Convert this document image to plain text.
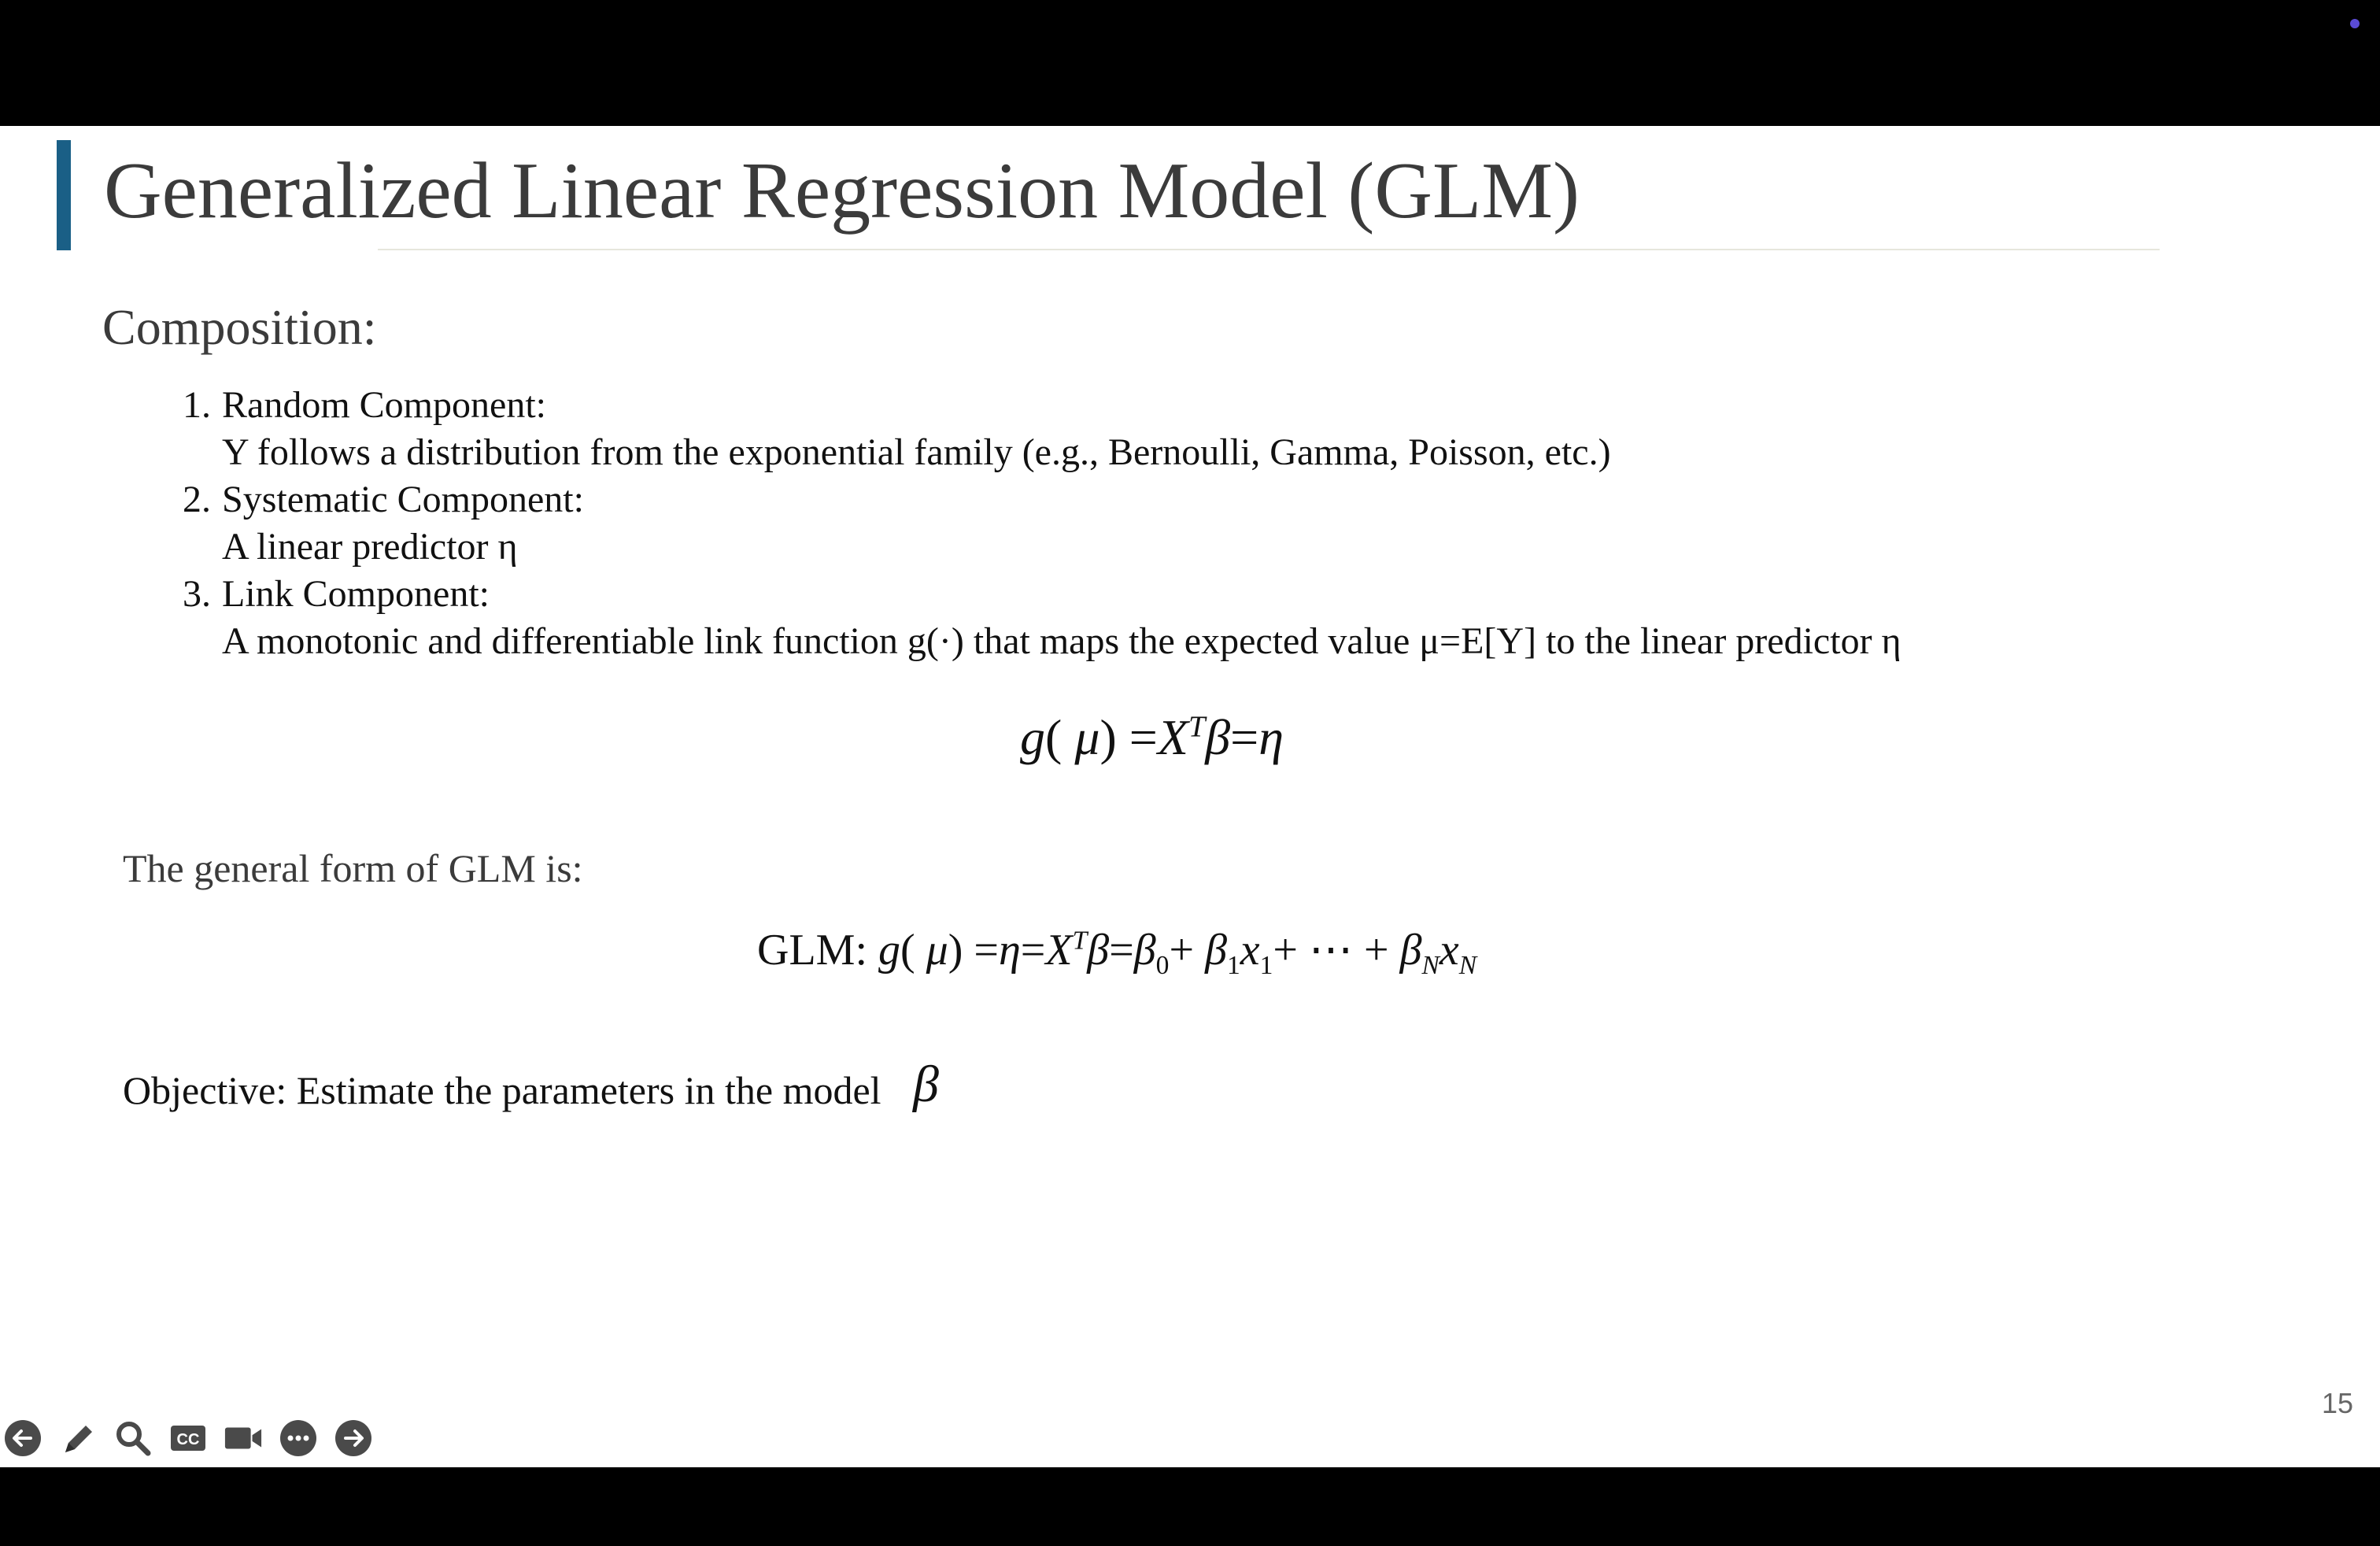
Generalized Linear Regression Model (GLM)
Composition:
1. Random Component:
Y follows a distribution from the exponential family (e.g., Bernoulli, Gamma, Poisson, etc.)
2. Systematic Component:
A linear predictor η
3. Link Component:
A monotonic and differentiable link function g(·) that maps the expected value μ=E[Y] to the linear predictor η
g( $\mu) =X^T\beta=\eta$
The general form of GLM is:
GLM: g( $\mu) =\eta=X^T\beta=\beta_0+ \beta_1x_1+$ ⋯ + $\beta_Nx_N$
Objective: Estimate the parameters in the model β
15
CC
